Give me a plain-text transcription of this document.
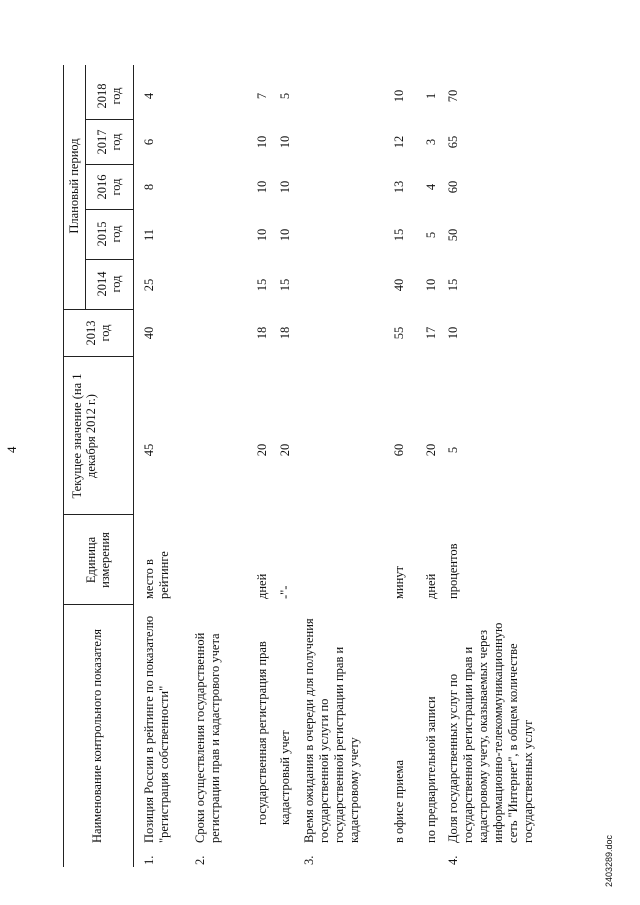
4
Наименование контрольного показателя
Единица измерения
Текущее значение (на 1 декабря 2012 г.)
2013 год
Плановый период
2014 год
2015 год
2016 год
2017 год
2018 год
1.
Позиция России в рейтинге по показателю "регистрация собственности"
место в рейтинге
45
40
25
11
8
6
4
2.
Сроки осуществления государственной регистрации прав и кадастрового учета	государственная регистрация прав
дней
20
18
15
10
10
10
7
кадастровый учет
-"-
20
18
15
10
10
10
5
3.
Время ожидания в очереди для получения государственной услуги по государственной регистрации прав и кадастровому учету в офисе приема
минут
60
55
40
15
13
12
10
по предварительной записи
дней
20
17
10
5
4
3
1
4.
Доля государственных услуг по государственной регистрации прав и кадастровому учету, оказываемых через информационно-телекоммуникационную сеть "Интернет", в общем количестве государственных услуг
процентов
5
10
15
50
60
65
70
2403289.doc
